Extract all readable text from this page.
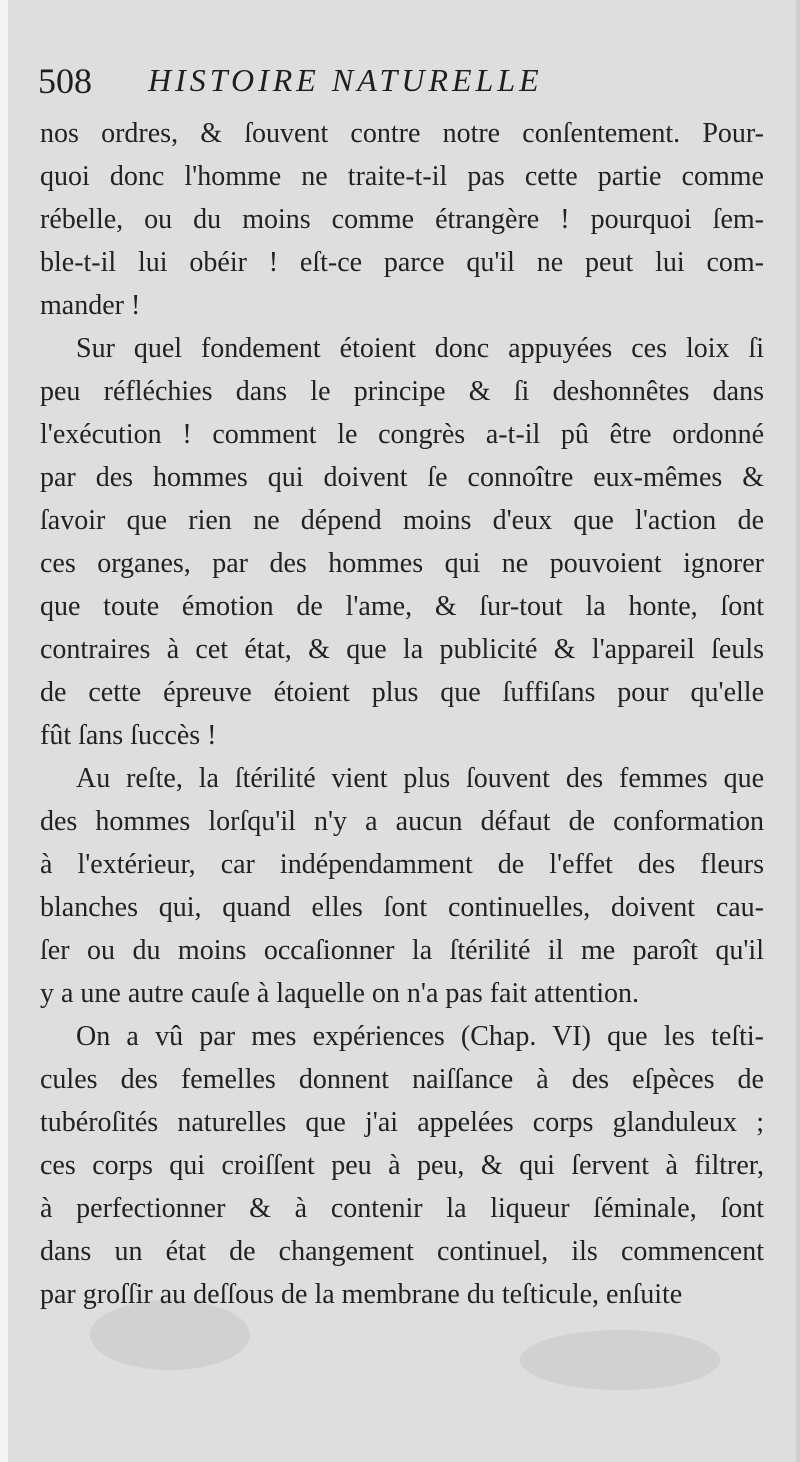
508 HISTOIRE NATURELLE
nos ordres, & ſouvent contre notre conſentement. Pour-
quoi donc l'homme ne traite-t-il pas cette partie comme
rébelle, ou du moins comme étrangère ! pourquoi ſem-
ble-t-il lui obéir ! eſt-ce parce qu'il ne peut lui com-
mander !
Sur quel fondement étoient donc appuyées ces loix ſi
peu réfléchies dans le principe & ſi deshonnêtes dans
l'exécution ! comment le congrès a-t-il pû être ordonné
par des hommes qui doivent ſe connoître eux-mêmes &
ſavoir que rien ne dépend moins d'eux que l'action de
ces organes, par des hommes qui ne pouvoient ignorer
que toute émotion de l'ame, & ſur-tout la honte, ſont
contraires à cet état, & que la publicité & l'appareil ſeuls
de cette épreuve étoient plus que ſuffiſans pour qu'elle
fût ſans ſuccès !
Au reſte, la ſtérilité vient plus ſouvent des femmes que
des hommes lorſqu'il n'y a aucun défaut de conformation
à l'extérieur, car indépendamment de l'effet des fleurs
blanches qui, quand elles ſont continuelles, doivent cau-
ſer ou du moins occaſionner la ſtérilité il me paroît qu'il
y a une autre cauſe à laquelle on n'a pas fait attention.
On a vû par mes expériences (Chap. VI) que les teſti-
cules des femelles donnent naiſſance à des eſpèces de
tubéroſités naturelles que j'ai appelées corps glanduleux ;
ces corps qui croiſſent peu à peu, & qui ſervent à filtrer,
à perfectionner & à contenir la liqueur ſéminale, ſont
dans un état de changement continuel, ils commencent
par groſſir au deſſous de la membrane du teſticule, enſuite
